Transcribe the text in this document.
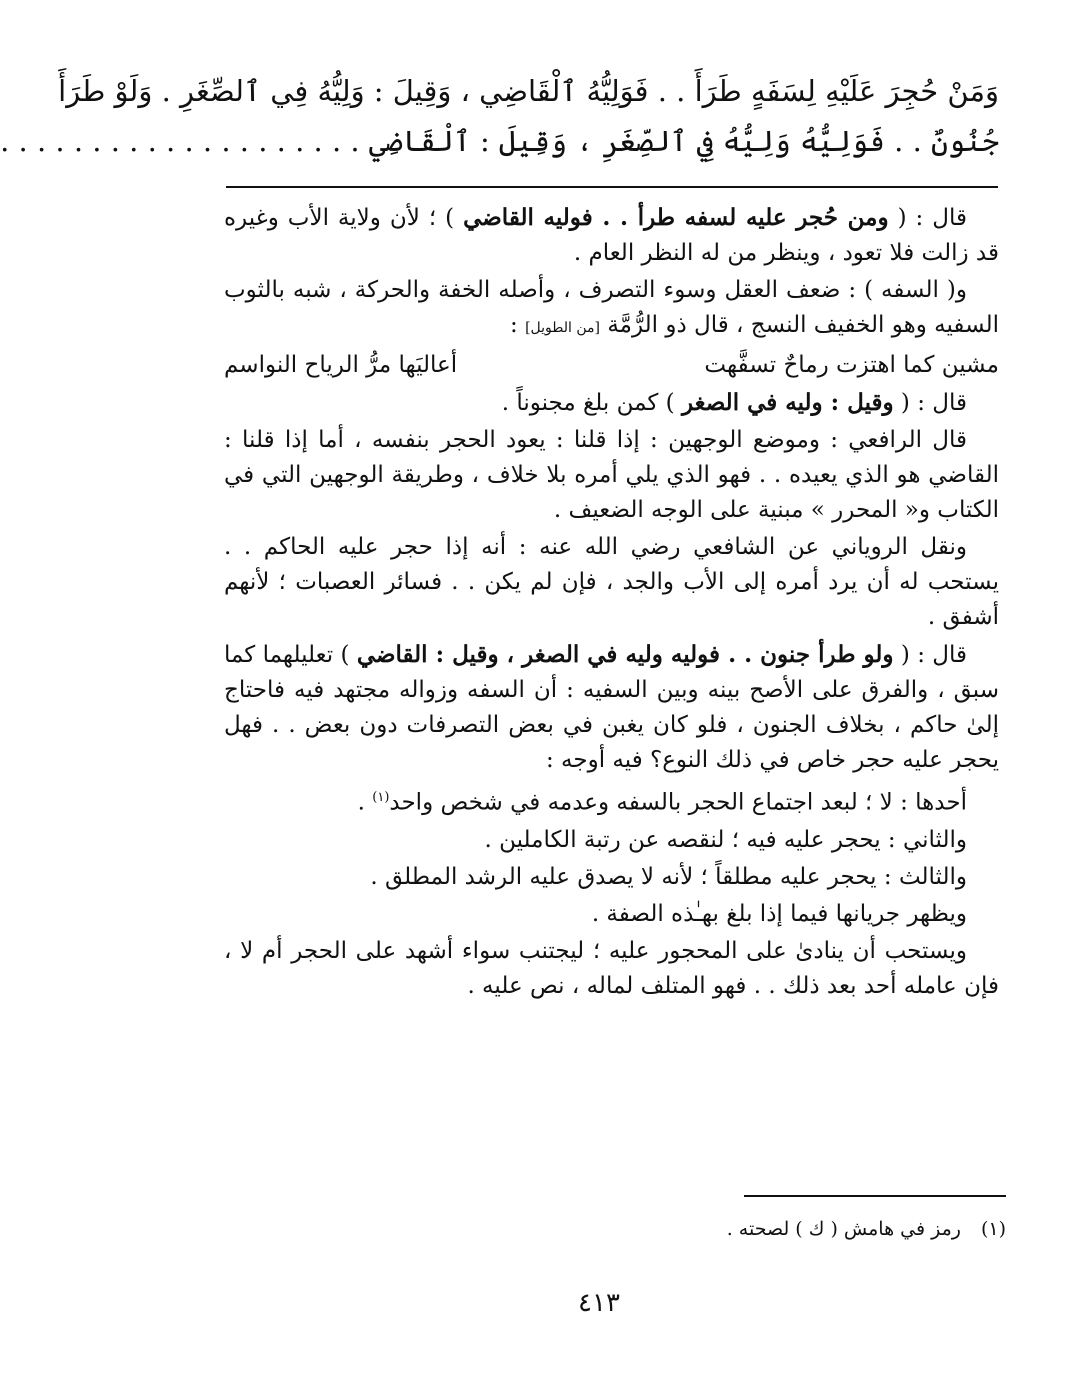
وَمَنْ حُجِرَ عَلَيْهِ لِسَفَهٍ طَرَأَ . . فَوَلِيُّهُ ٱلْقَاضِي ، وَقِيلَ : وَلِيُّهُ فِي ٱلصِّغَرِ . وَلَوْ طَرَأَ

جُنُونٌ . . فَوَلِيُّهُ وَلِيُّهُ فِي ٱلصِّغَرِ ، وَقِيلَ : ٱلْقَاضِي . . . . . . . . . . . . . . . . . . . .

قال : ( ومن حُجر عليه لسفه طرأ . . فوليه القاضي ) ؛ لأن ولاية الأب وغيره قد زالت فلا تعود ، وينظر من له النظر العام .

و( السفه ) : ضعف العقل وسوء التصرف ، وأصله الخفة والحركة ، شبه بالثوب السفيه وهو الخفيف النسج ، قال ذو الرُّمَّة [من الطويل] :

مشين كما اهتزت رماحٌ تسفَّهت
أعاليَها مرُّ الرياح النواسم

قال : ( وقيل : وليه في الصغر ) كمن بلغ مجنوناً .

قال الرافعي : وموضع الوجهين : إذا قلنا : يعود الحجر بنفسه ، أما إذا قلنا : القاضي هو الذي يعيده . . فهو الذي يلي أمره بلا خلاف ، وطريقة الوجهين التي في الكتاب و« المحرر » مبنية على الوجه الضعيف .

ونقل الروياني عن الشافعي رضي الله عنه : أنه إذا حجر عليه الحاكم . . يستحب له أن يرد أمره إلى الأب والجد ، فإن لم يكن . . فسائر العصبات ؛ لأنهم أشفق .

قال : ( ولو طرأ جنون . . فوليه وليه في الصغر ، وقيل : القاضي ) تعليلهما كما سبق ، والفرق على الأصح بينه وبين السفيه : أن السفه وزواله مجتهد فيه فاحتاج إلىٰ حاكم ، بخلاف الجنون ، فلو كان يغبن في بعض التصرفات دون بعض . . فهل يحجر عليه حجر خاص في ذلك النوع؟ فيه أوجه :

أحدها : لا ؛ لبعد اجتماع الحجر بالسفه وعدمه في شخص واحد$^{(١)}$ .

والثاني : يحجر عليه فيه ؛ لنقصه عن رتبة الكاملين .

والثالث : يحجر عليه مطلقاً ؛ لأنه لا يصدق عليه الرشد المطلق .

ويظهر جريانها فيما إذا بلغ بهـٰذه الصفة .

ويستحب أن ينادىٰ على المحجور عليه ؛ ليجتنب سواء أشهد على الحجر أم لا ، فإن عامله أحد بعد ذلك . . فهو المتلف لماله ، نص عليه .

(١)رمز في هامش ( ك ) لصحته .
٤١٣
